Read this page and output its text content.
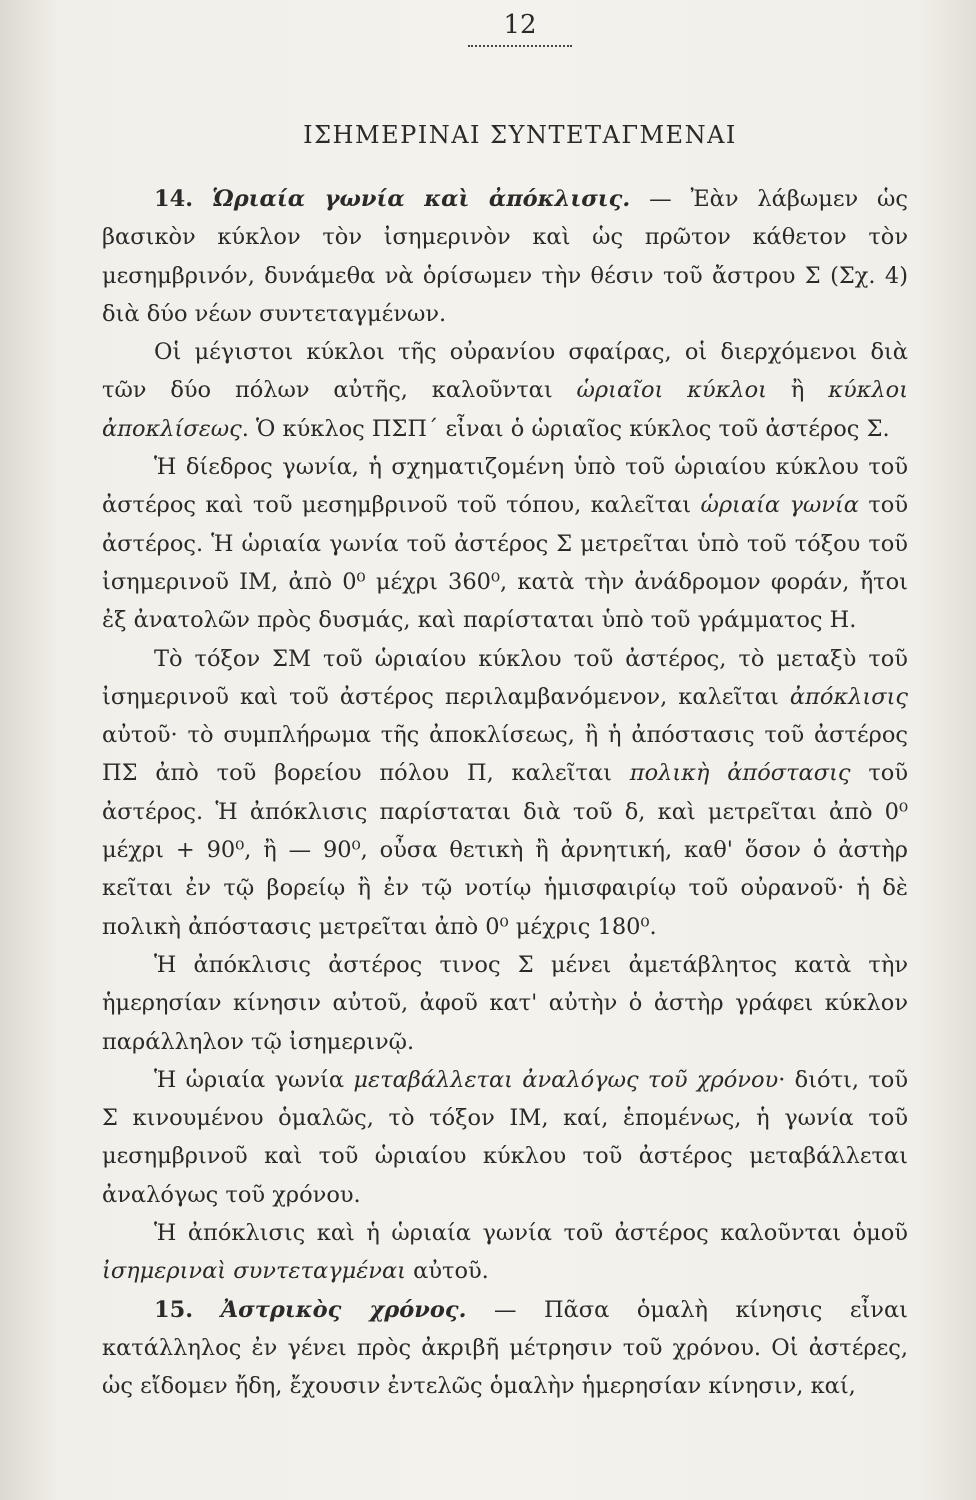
12
ΙΣΗΜΕΡΙΝΑΙ ΣΥΝΤΕΤΑΓΜΕΝΑΙ

14. Ὡριαία γωνία καὶ ἀπόκλισις. — Ἐὰν λάβωμεν ὡς βασικὸν κύκλον τὸν ἰσημερινὸν καὶ ὡς πρῶτον κάθετον τὸν μεσημβρινόν, δυνάμεθα νὰ ὁρίσωμεν τὴν θέσιν τοῦ ἄστρου Σ (Σχ. 4) διὰ δύο νέων συντεταγμένων.

Οἱ μέγιστοι κύκλοι τῆς οὐρανίου σφαίρας, οἱ διερχόμενοι διὰ τῶν δύο πόλων αὐτῆς, καλοῦνται ὡριαῖοι κύκλοι ἢ κύκλοι ἀποκλίσεως. Ὁ κύκλος ΠΣΠ΄ εἶναι ὁ ὡριαῖος κύκλος τοῦ ἀστέρος Σ.

Ἡ δίεδρος γωνία, ἡ σχηματιζομένη ὑπὸ τοῦ ὡριαίου κύκλου τοῦ ἀστέρος καὶ τοῦ μεσημβρινοῦ τοῦ τόπου, καλεῖται ὡριαία γωνία τοῦ ἀστέρος. Ἡ ὡριαία γωνία τοῦ ἀστέρος Σ μετρεῖται ὑπὸ τοῦ τόξου τοῦ ἰσημερινοῦ ΙΜ, ἀπὸ 0⁰ μέχρι 360⁰, κατὰ τὴν ἀνάδρομον φοράν, ἤτοι ἐξ ἀνατολῶν πρὸς δυσμάς, καὶ παρίσταται ὑπὸ τοῦ γράμματος Η.

Τὸ τόξον ΣΜ τοῦ ὡριαίου κύκλου τοῦ ἀστέρος, τὸ μεταξὺ τοῦ ἰσημερινοῦ καὶ τοῦ ἀστέρος περιλαμβανόμενον, καλεῖται ἀπόκλισις αὐτοῦ· τὸ συμπλήρωμα τῆς ἀποκλίσεως, ἢ ἡ ἀπόστασις τοῦ ἀστέρος ΠΣ ἀπὸ τοῦ βορείου πόλου Π, καλεῖται πολικὴ ἀπόστασις τοῦ ἀστέρος. Ἡ ἀπόκλισις παρίσταται διὰ τοῦ δ, καὶ μετρεῖται ἀπὸ 0⁰ μέχρι + 90⁰, ἢ — 90⁰, οὖσα θετικὴ ἢ ἀρνητική, καθ' ὅσον ὁ ἀστὴρ κεῖται ἐν τῷ βορείῳ ἢ ἐν τῷ νοτίῳ ἡμισφαιρίῳ τοῦ οὐρανοῦ· ἡ δὲ πολικὴ ἀπόστασις μετρεῖται ἀπὸ 0⁰ μέχρις 180⁰.

Ἡ ἀπόκλισις ἀστέρος τινος Σ μένει ἀμετάβλητος κατὰ τὴν ἡμερησίαν κίνησιν αὐτοῦ, ἀφοῦ κατ' αὐτὴν ὁ ἀστὴρ γράφει κύκλον παράλληλον τῷ ἰσημερινῷ.

Ἡ ὡριαία γωνία μεταβάλλεται ἀναλόγως τοῦ χρόνου· διότι, τοῦ Σ κινουμένου ὁμαλῶς, τὸ τόξον ΙΜ, καί, ἑπομένως, ἡ γωνία τοῦ μεσημβρινοῦ καὶ τοῦ ὡριαίου κύκλου τοῦ ἀστέρος μεταβάλλεται ἀναλόγως τοῦ χρόνου.

Ἡ ἀπόκλισις καὶ ἡ ὡριαία γωνία τοῦ ἀστέρος καλοῦνται ὁμοῦ ἰσημεριναὶ συντεταγμέναι αὐτοῦ.

15. Ἀστρικὸς χρόνος. — Πᾶσα ὁμαλὴ κίνησις εἶναι κατάλληλος ἐν γένει πρὸς ἀκριβῆ μέτρησιν τοῦ χρόνου. Οἱ ἀστέρες, ὡς εἴδομεν ἤδη, ἔχουσιν ἐντελῶς ὁμαλὴν ἡμερησίαν κίνησιν, καί,
